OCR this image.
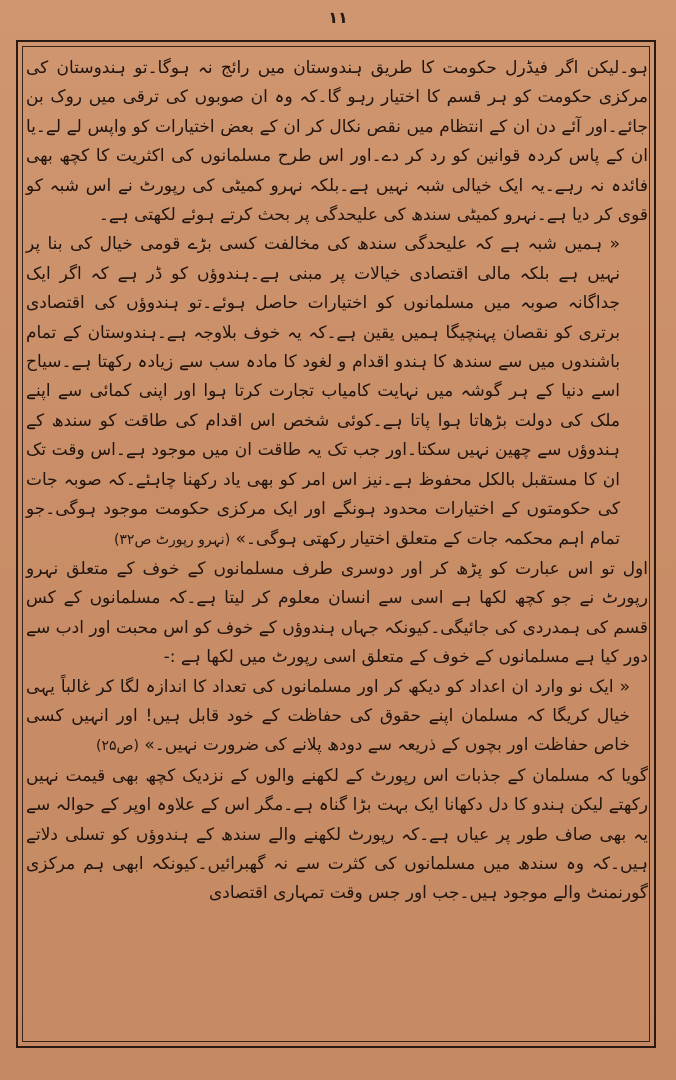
۱۱

ہو۔لیکن اگر فیڈرل حکومت کا طریق ہندوستان میں رائج نہ ہوگا۔تو ہندوستان کی مرکزی حکومت کو ہر قسم کا اختیار رہو گا۔کہ وہ ان صوبوں کی ترقی میں روک بن جائے۔اور آئے دن ان کے انتظام میں نقص نکال کر ان کے بعض اختیارات کو واپس لے لے۔یا ان کے پاس کردہ قوانین کو رد کر دے۔اور اس طرح مسلمانوں کی اکثریت کا کچھ بھی فائدہ نہ رہے۔یہ ایک خیالی شبہ نہیں ہے۔بلکہ نہرو کمیٹی کی رپورٹ نے اس شبہ کو قوی کر دیا ہے۔نہرو کمیٹی سندھ کی علیحدگی پر بحث کرتے ہوئے لکھتی ہے۔

« ہمیں شبہ ہے کہ علیحدگی سندھ کی مخالفت کسی بڑے قومی خیال کی بنا پر نہیں ہے بلکہ مالی اقتصادی خیالات پر مبنی ہے۔ہندوؤں کو ڈر ہے کہ اگر ایک جداگانہ صوبہ میں مسلمانوں کو اختیارات حاصل ہوئے۔تو ہندوؤں کی اقتصادی برتری کو نقصان پہنچیگا ہمیں یقین ہے۔کہ یہ خوف بلاوجہ ہے۔ہندوستان کے تمام باشندوں میں سے سندھ کا ہندو اقدام و لغود کا مادہ سب سے زیادہ رکھتا ہے۔سیاح اسے دنیا کے ہر گوشہ میں نہایت کامیاب تجارت کرتا ہوا اور اپنی کمائی سے اپنے ملک کی دولت بڑھاتا ہوا پاتا ہے۔کوئی شخص اس اقدام کی طاقت کو سندھ کے ہندوؤں سے چھین نہیں سکتا۔اور جب تک یہ طاقت ان میں موجود ہے۔اس وقت تک ان کا مستقبل بالکل محفوظ ہے۔نیز اس امر کو بھی یاد رکھنا چاہئے۔کہ صوبہ جات کی حکومتوں کے اختیارات محدود ہونگے اور ایک مرکزی حکومت موجود ہوگی۔جو تمام اہم محکمہ جات کے متعلق اختیار رکھتی ہوگی۔» (نہرو رپورٹ ص۳۲)

اول تو اس عبارت کو پڑھ کر اور دوسری طرف مسلمانوں کے خوف کے متعلق نہرو رپورٹ نے جو کچھ لکھا ہے اسی سے انسان معلوم کر لیتا ہے۔کہ مسلمانوں کے کس قسم کی ہمدردی کی جائیگی۔کیونکہ جہاں ہندوؤں کے خوف کو اس محبت اور ادب سے دور کیا ہے مسلمانوں کے خوف کے متعلق اسی رپورٹ میں لکھا ہے :-

« ایک نو وارد ان اعداد کو دیکھ کر اور مسلمانوں کی تعداد کا اندازہ لگا کر غالباً یہی خیال کریگا کہ مسلمان اپنے حقوق کی حفاظت کے خود قابل ہیں! اور انہیں کسی خاص حفاظت اور بچوں کے ذریعہ سے دودھ پلانے کی ضرورت نہیں۔» (ص۲۵)

گویا کہ مسلمان کے جذبات اس رپورٹ کے لکھنے والوں کے نزدیک کچھ بھی قیمت نہیں رکھتے لیکن ہندو کا دل دکھانا ایک بہت بڑا گناہ ہے۔مگر اس کے علاوہ اوپر کے حوالہ سے یہ بھی صاف طور پر عیاں ہے۔کہ رپورٹ لکھنے والے سندھ کے ہندوؤں کو تسلی دلاتے ہیں۔کہ وہ سندھ میں مسلمانوں کی کثرت سے نہ گھبرائیں۔کیونکہ ابھی ہم مرکزی گورنمنٹ والے موجود ہیں۔جب اور جس وقت تمہاری اقتصادی
